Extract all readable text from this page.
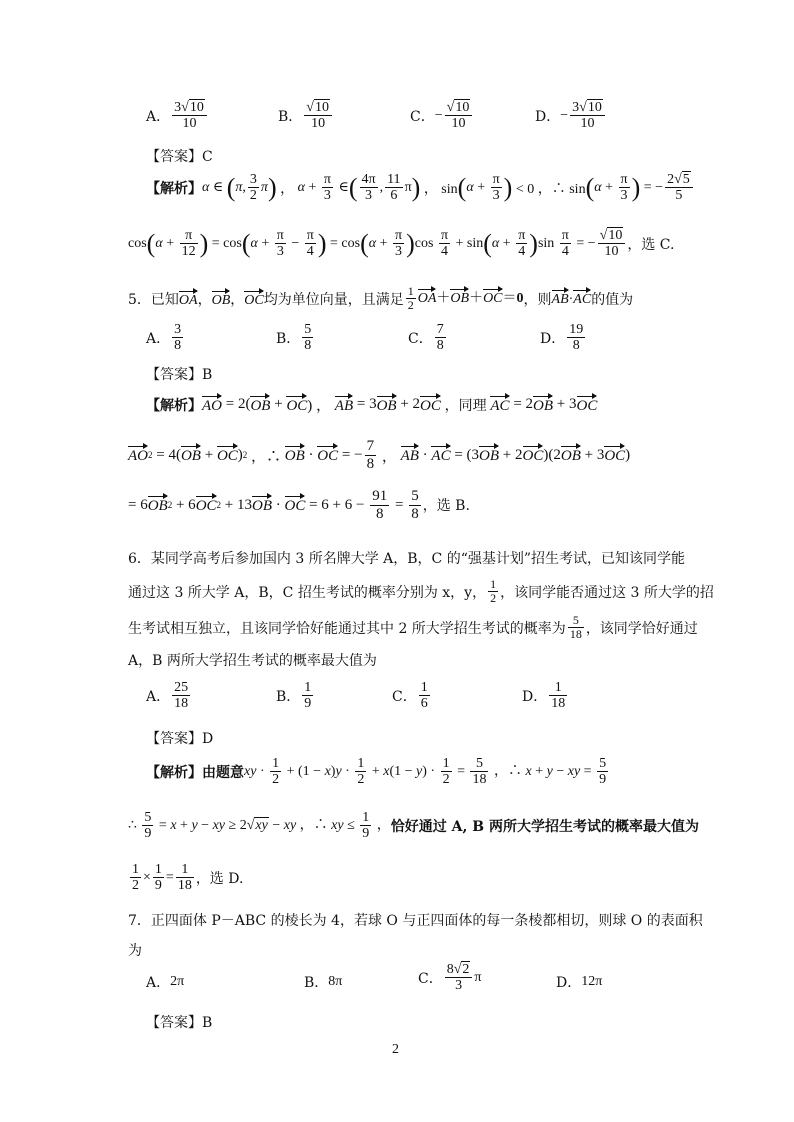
A． $\frac{3√10}{10}$	B． $\frac{√10}{10}$	C． − $\frac{√10}{10}$	D． − $\frac{3√10}{10}$
【答案】C
【解析】 α ∈ ( π , $\frac{3}{2}$ π ) ， $\alpha + \frac{\pi}{3}$ ∈ ( $\frac{4\pi}{3}$ , $\frac{11}{6}$ π ) ， sin ( $\alpha + \frac{\pi}{3}$ ) < 0 ，∴ sin ( $\alpha + \frac{\pi}{3}$ ) = − $\frac{2√5}{5}$
cos ( $\alpha + \frac{\pi}{12}$ ) = cos ( $\alpha + \frac{\pi}{3} - \frac{\pi}{4}$ ) = cos ( $\alpha + \frac{\pi}{3}$ ) $\cos \frac{\pi}{4} + \sin$ ( $\alpha + \frac{\pi}{4}$ ) $\sin \frac{\pi}{4}$ = − $\frac{√10}{10}$ ，选 C.
5．已知 OA，OB，OC 均为单位向量，且满足 $\frac{1}{2} OA+OB+OC=0$ ，则 AB·AC 的值为
A． $\frac{3}{8}$	B． $\frac{5}{8}$	C． $\frac{7}{8}$	D． $\frac{19}{8}$
【答案】B
【解析】 AO = 2( OB + OC ) ， AB = 3 OB + 2 OC
，同理
AC = 2 OB + 3 OC
AO 2 = 4( OB + OC ) 2 ，∴ OB · OC = − $\frac{7}{8}$ ， AB · AC = (3 OB + 2 OC )(2 OB + 3 OC )
= 6 OB 2 + 6 OC 2 + 13 OB · OC = $6 + 6 - \frac{91}{8} = \frac{5}{8}$ ，选 B.
6．某同学高考后参加国内 3 所名牌大学 A，B，C 的“强基计划”招生考试，已知该同学能
通过这 3 所大学 A，B，C 招生考试的概率分别为 x，y， $\frac{1}{2}$ ，该同学能否通过这 3 所大学的招
生考试相互独立，且该同学恰好能通过其中 2 所大学招生考试的概率为 $\frac{5}{18}$ ，该同学恰好通过
A，B 两所大学招生考试的概率最大值为
A． $\frac{25}{18}$	B． $\frac{1}{9}$	C． $\frac{1}{6}$	D． $\frac{1}{18}$
【答案】D
【解析】 由题意 xy · $\frac{1}{2} + (1 - x)y \cdot \frac{1}{2} + x(1 - y) \cdot \frac{1}{2} = \frac{5}{18}$ ，∴ x + y − xy = $\frac{5}{9}$
∴ $\frac{5}{9} = x + y$ − xy ≥ 2√xy − xy ，∴ xy ≤ $\frac{1}{9}$ ， 恰好通过 A, B 两所大学招生考试的概率最大值为
$\frac{1}{2} \times \frac{1}{9} = \frac{1}{18}$ ，选 D.
7．正四面体 P－ABC 的棱长为 4，若球 O 与正四面体的每一条棱都相切，则球 O 的表面积
为
A． 2π	B． 8π	C． $\frac{8√2}{3}$ π	D． 12π
【答案】B
2
